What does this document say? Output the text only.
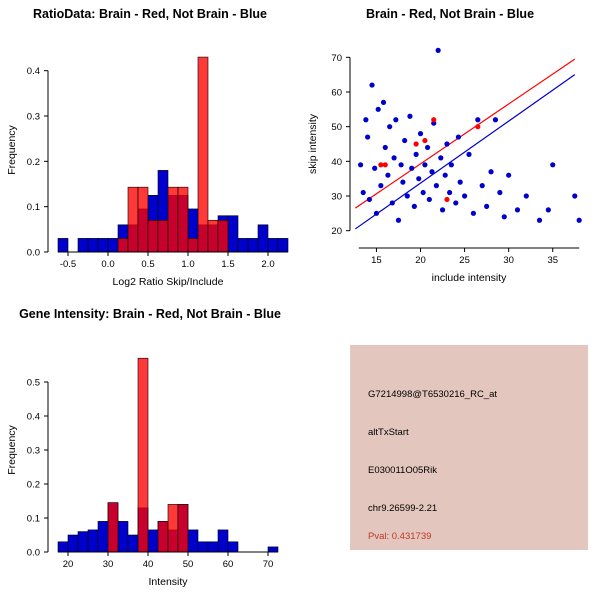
RatioData: Brain - Red, Not Brain - Blue
-0.5	0.0	0.5	1.0	1.5	2.0
0.0
0.1
0.2
0.3
0.4
Log2 Ratio Skip/Include
Frequency
Brain - Red, Not Brain - Blue
15	20	25	30	35
20
30
40
50
60
70
include intensity
skip intensity
Gene Intensity: Brain - Red, Not Brain - Blue
20	30	40	50	60	70
0.0
0.1
0.2
0.3
0.4
0.5
Intensity
Frequency
G7214998@T6530216_RC_at
altTxStart
E030011O05Rik
chr9.26599-2.21
Pval: 0.431739
